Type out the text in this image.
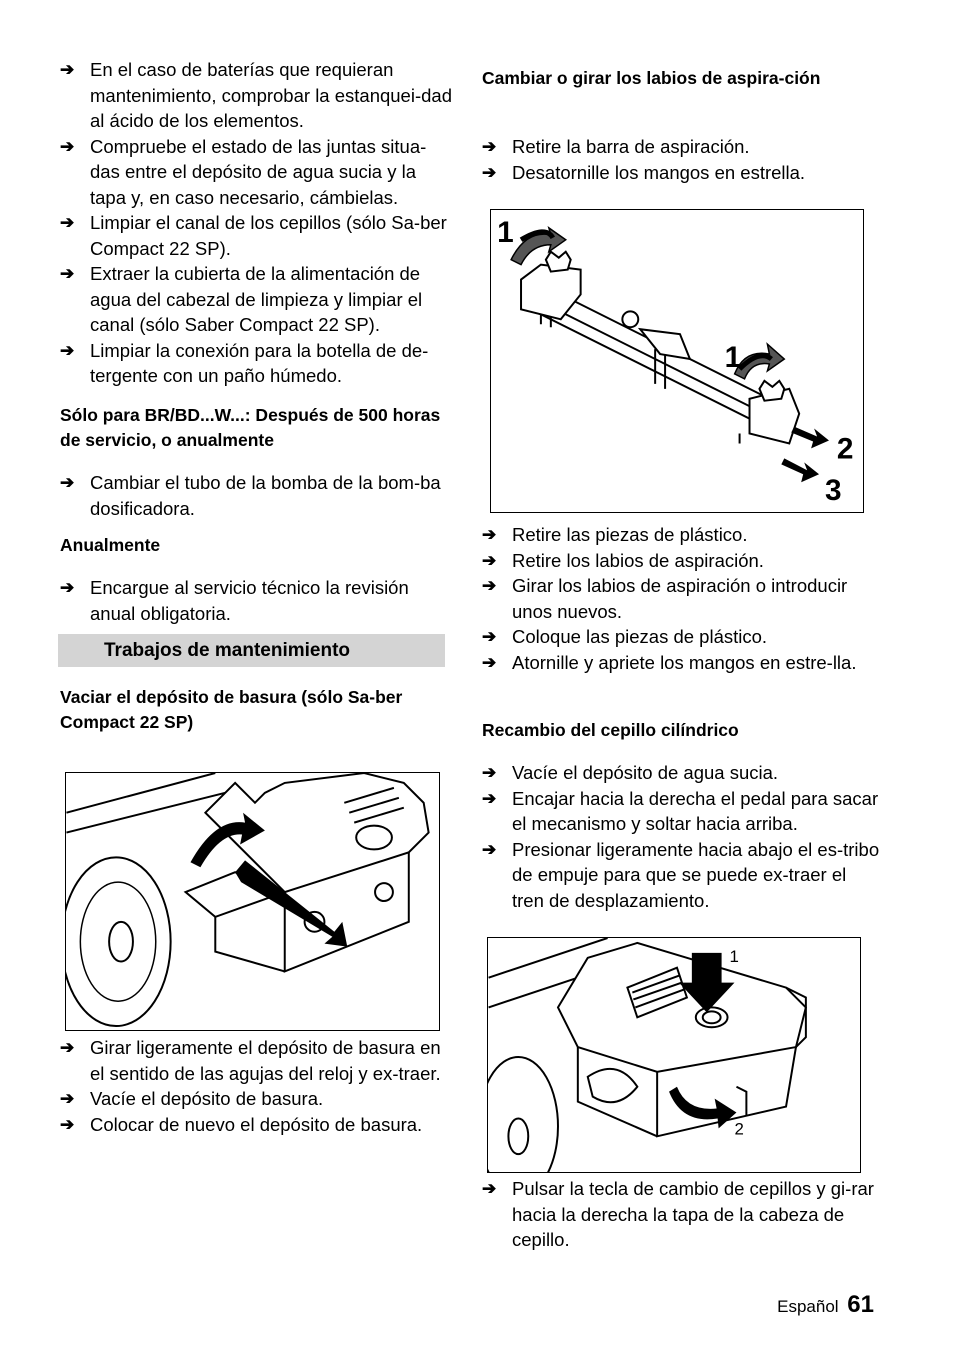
➔ En el caso de baterías que requieran mantenimiento, comprobar la estanquei-dad al ácido de los elementos.
➔ Compruebe el estado de las juntas situa-das entre el depósito de agua sucia y la tapa y, en caso necesario, cámbielas.
➔ Limpiar el canal de los cepillos (sólo Sa-ber Compact 22 SP).
➔ Extraer la cubierta de la alimentación de agua del cabezal de limpieza y limpiar el canal (sólo Saber Compact 22 SP).
➔ Limpiar la conexión para la botella de de-tergente con un paño húmedo.
Sólo para BR/BD...W...: Después de 500 horas de servicio, o anualmente
➔ Cambiar el tubo de la bomba de la bom-ba dosificadora.
Anualmente
➔ Encargue al servicio técnico la revisión anual obligatoria.
Trabajos de mantenimiento
Vaciar el depósito de basura (sólo Sa-ber Compact 22 SP)
➔ Girar ligeramente el depósito de basura en el sentido de las agujas del reloj y ex-traer.
➔ Vacíe el depósito de basura.
➔ Colocar de nuevo el depósito de basura.
Cambiar o girar los labios de aspira-ción
➔ Retire la barra de aspiración.
➔ Desatornille los mangos en estrella.
➔ Retire las piezas de plástico.
➔ Retire los labios de aspiración.
➔ Girar los labios de aspiración o introducir unos nuevos.
➔ Coloque las piezas de plástico.
➔ Atornille y apriete los mangos en estre-lla.
Recambio del cepillo cilíndrico
➔ Vacíe el depósito de agua sucia.
➔ Encajar hacia la derecha el pedal para sacar el mecanismo y soltar hacia arriba.
➔ Presionar ligeramente hacia abajo el es-tribo de empuje para que se puede ex-traer el tren de desplazamiento.
➔ Pulsar la tecla de cambio de cepillos y gi-rar hacia la derecha la tapa de la cabeza de cepillo.
1
1
2
3
1
2
Español 61
